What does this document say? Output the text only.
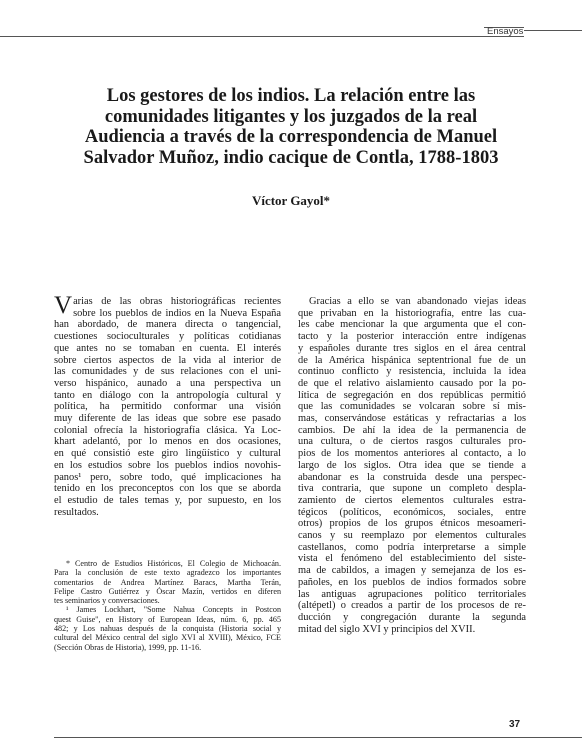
Ensayos
Los gestores de los indios. La relación entre las
comunidades litigantes y los juzgados de la real
Audiencia a través de la correspondencia de Manuel
Salvador Muñoz, indio cacique de Contla, 1788-1803
Víctor Gayol*
V arias de las obras historiográficas recientes
sobre los pueblos de indios en la Nueva España
han abordado, de manera directa o tangencial,
cuestiones socioculturales y políticas cotidianas
que antes no se tomaban en cuenta. El interés
sobre ciertos aspectos de la vida al interior de
las comunidades y de sus relaciones con el uni-
verso hispánico, aunado a una perspectiva un
tanto en diálogo con la antropología cultural y
política, ha permitido conformar una visión
muy diferente de las ideas que sobre ese pasado
colonial ofrecía la historiografía clásica. Ya Loc-
khart adelantó, por lo menos en dos ocasiones,
en qué consistió este giro lingüístico y cultural
en los estudios sobre los pueblos indios novohis-
panos¹ pero, sobre todo, qué implicaciones ha
tenido en los preconceptos con los que se aborda
el estudio de tales temas y, por supuesto, en los
resultados.
* Centro de Estudios Históricos, El Colegio de Michoacán.
Para la conclusión de este texto agradezco los importantes
comentarios de Andrea Martínez Baracs, Martha Terán,
Felipe Castro Gutiérrez y Óscar Mazín, vertidos en diferen
tes seminarios y conversaciones.
¹ James Lockhart, "Some Nahua Concepts in Postcon
quest Guise", en History of European Ideas, núm. 6, pp. 465
482; y Los nahuas después de la conquista (Historia social y
cultural del México central del siglo XVI al XVIII), México, FCE
(Sección Obras de Historia), 1999, pp. 11-16.
Gracias a ello se van abandonado viejas ideas
que privaban en la historiografía, entre las cua-
les cabe mencionar la que argumenta que el con-
tacto y la posterior interacción entre indígenas
y españoles durante tres siglos en el área central
de la América hispánica septentrional fue de un
continuo conflicto y resistencia, incluida la idea
de que el relativo aislamiento causado por la po-
lítica de segregación en dos repúblicas permitió
que las comunidades se volcaran sobre sí mis-
mas, conservándose estáticas y refractarias a los
cambios. De ahí la idea de la permanencia de
una cultura, o de ciertos rasgos culturales pro-
pios de los momentos anteriores al contacto, a lo
largo de los siglos. Otra idea que se tiende a
abandonar es la construida desde una perspec-
tiva contraria, que supone un completo despla-
zamiento de ciertos elementos culturales estra-
tégicos (políticos, económicos, sociales, entre
otros) propios de los grupos étnicos mesoameri-
canos y su reemplazo por elementos culturales
castellanos, como podría interpretarse a simple
vista el fenómeno del establecimiento del siste-
ma de cabildos, a imagen y semejanza de los es-
pañoles, en los pueblos de indios formados sobre
las antiguas agrupaciones político territoriales
(altépetl) o creados a partir de los procesos de re-
ducción y congregación durante la segunda
mitad del siglo XVI y principios del XVII.
37
